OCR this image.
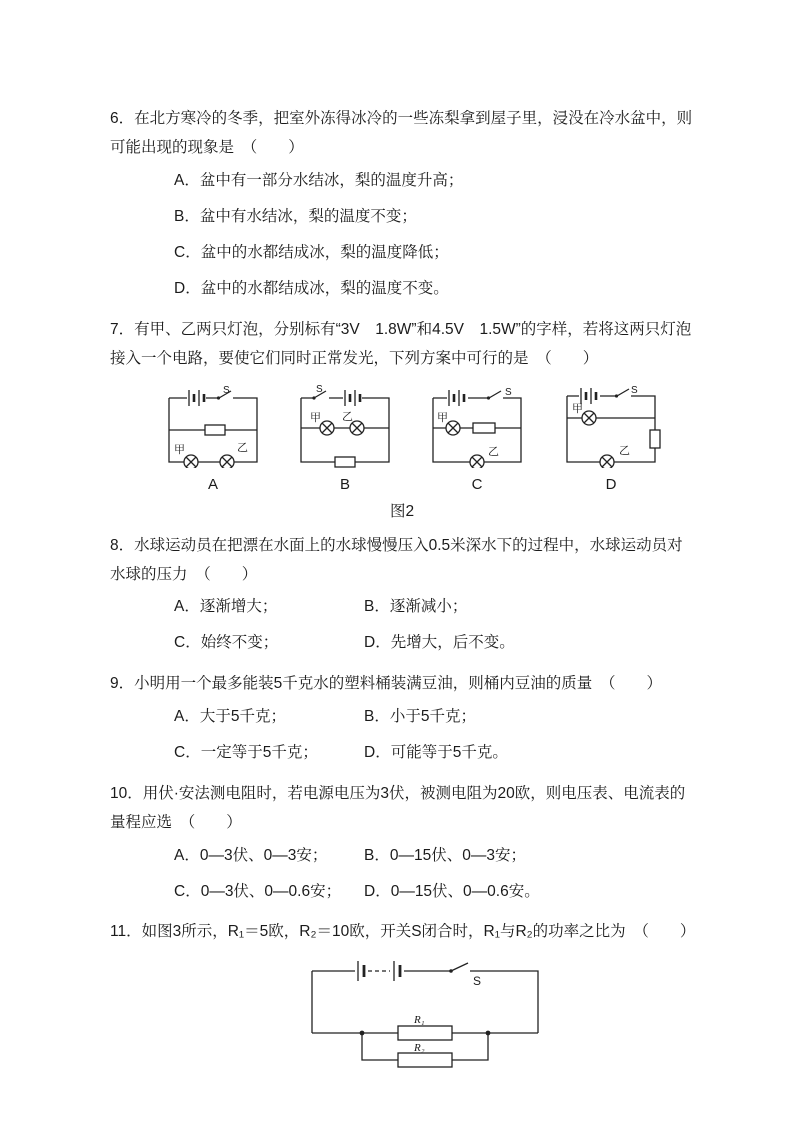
6．在北方寒冷的冬季，把室外冻得冰冷的一些冻梨拿到屋子里，浸没在冷水盆中，则可能出现的现象是　（　　）

A．盆中有一部分水结冰，梨的温度升高；

B．盆中有水结冰，梨的温度不变；

C．盆中的水都结成冰，梨的温度降低；

D．盆中的水都结成冰，梨的温度不变。

7．有甲、乙两只灯泡，分别标有“3V　1.8W”和4.5V　1.5W”的字样，若将这两只灯泡接入一个电路，要使它们同时正常发光，下列方案中可行的是　（　　）

S
甲	乙
A
S
甲 乙
B
S
甲
乙
C
S
甲
乙
D

图2

8．水球运动员在把漂在水面上的水球慢慢压入0.5米深水下的过程中，水球运动员对水球的压力　（　　）

A．逐渐增大；	B．逐渐减小；

C．始终不变；	D．先增大，后不变。

9．小明用一个最多能装5千克水的塑料桶装满豆油，则桶内豆油的质量　（　　）

A．大于5千克；	B．小于5千克；

C．一定等于5千克；	D．可能等于5千克。

10．用伏·安法测电阻时，若电源电压为3伏，被测电阻为20欧，则电压表、电流表的量程应选　（　　）

A．0—3伏、0—3安；	B．0—15伏、0—3安；

C．0—3伏、0—0.6安；	D．0—15伏、0—0.6安。

11．如图3所示，R₁＝5欧，R₂＝10欧，开关S闭合时，R₁与R₂的功率之比为　（　　）

S
R₁
R₂
